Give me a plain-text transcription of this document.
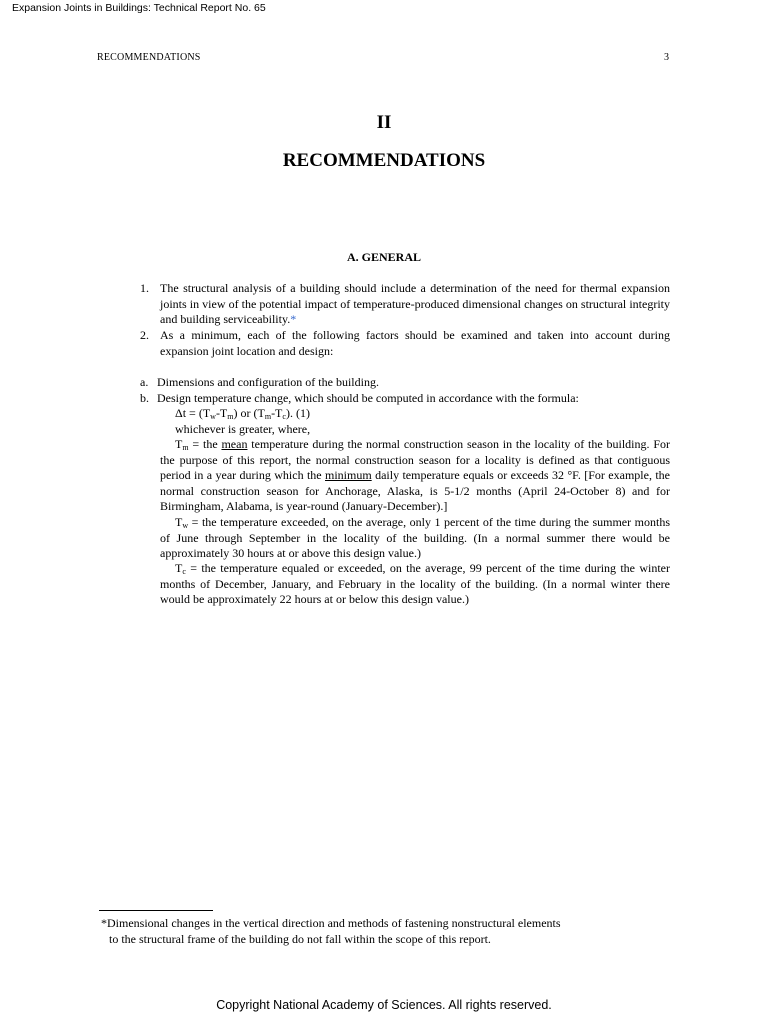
Expansion Joints in Buildings: Technical Report No. 65
RECOMMENDATIONS	3
II
RECOMMENDATIONS
A. GENERAL
1. The structural analysis of a building should include a determination of the need for thermal expansion joints in view of the potential impact of temperature-produced dimensional changes on structural integrity and building serviceability.*
2. As a minimum, each of the following factors should be examined and taken into account during expansion joint location and design:
a. Dimensions and configuration of the building.
b. Design temperature change, which should be computed in accordance with the formula:
$\Delta t = (T_w-T_m)$ or $(T_m-T_c)$. (1)
whichever is greater, where,
$T_m$ = the mean temperature during the normal construction season in the locality of the building. For the purpose of this report, the normal construction season for a locality is defined as that contiguous period in a year during which the minimum daily temperature equals or exceeds 32 °F. [For example, the normal construction season for Anchorage, Alaska, is 5-1/2 months (April 24-October 8) and for Birmingham, Alabama, is year-round (January-December).]
$T_w$ = the temperature exceeded, on the average, only 1 percent of the time during the summer months of June through September in the locality of the building. (In a normal summer there would be approximately 30 hours at or above this design value.)
$T_c$ = the temperature equaled or exceeded, on the average, 99 percent of the time during the winter months of December, January, and February in the locality of the building. (In a normal winter there would be approximately 22 hours at or below this design value.)
*Dimensional changes in the vertical direction and methods of fastening nonstructural elements
to the structural frame of the building do not fall within the scope of this report.
Copyright National Academy of Sciences. All rights reserved.
